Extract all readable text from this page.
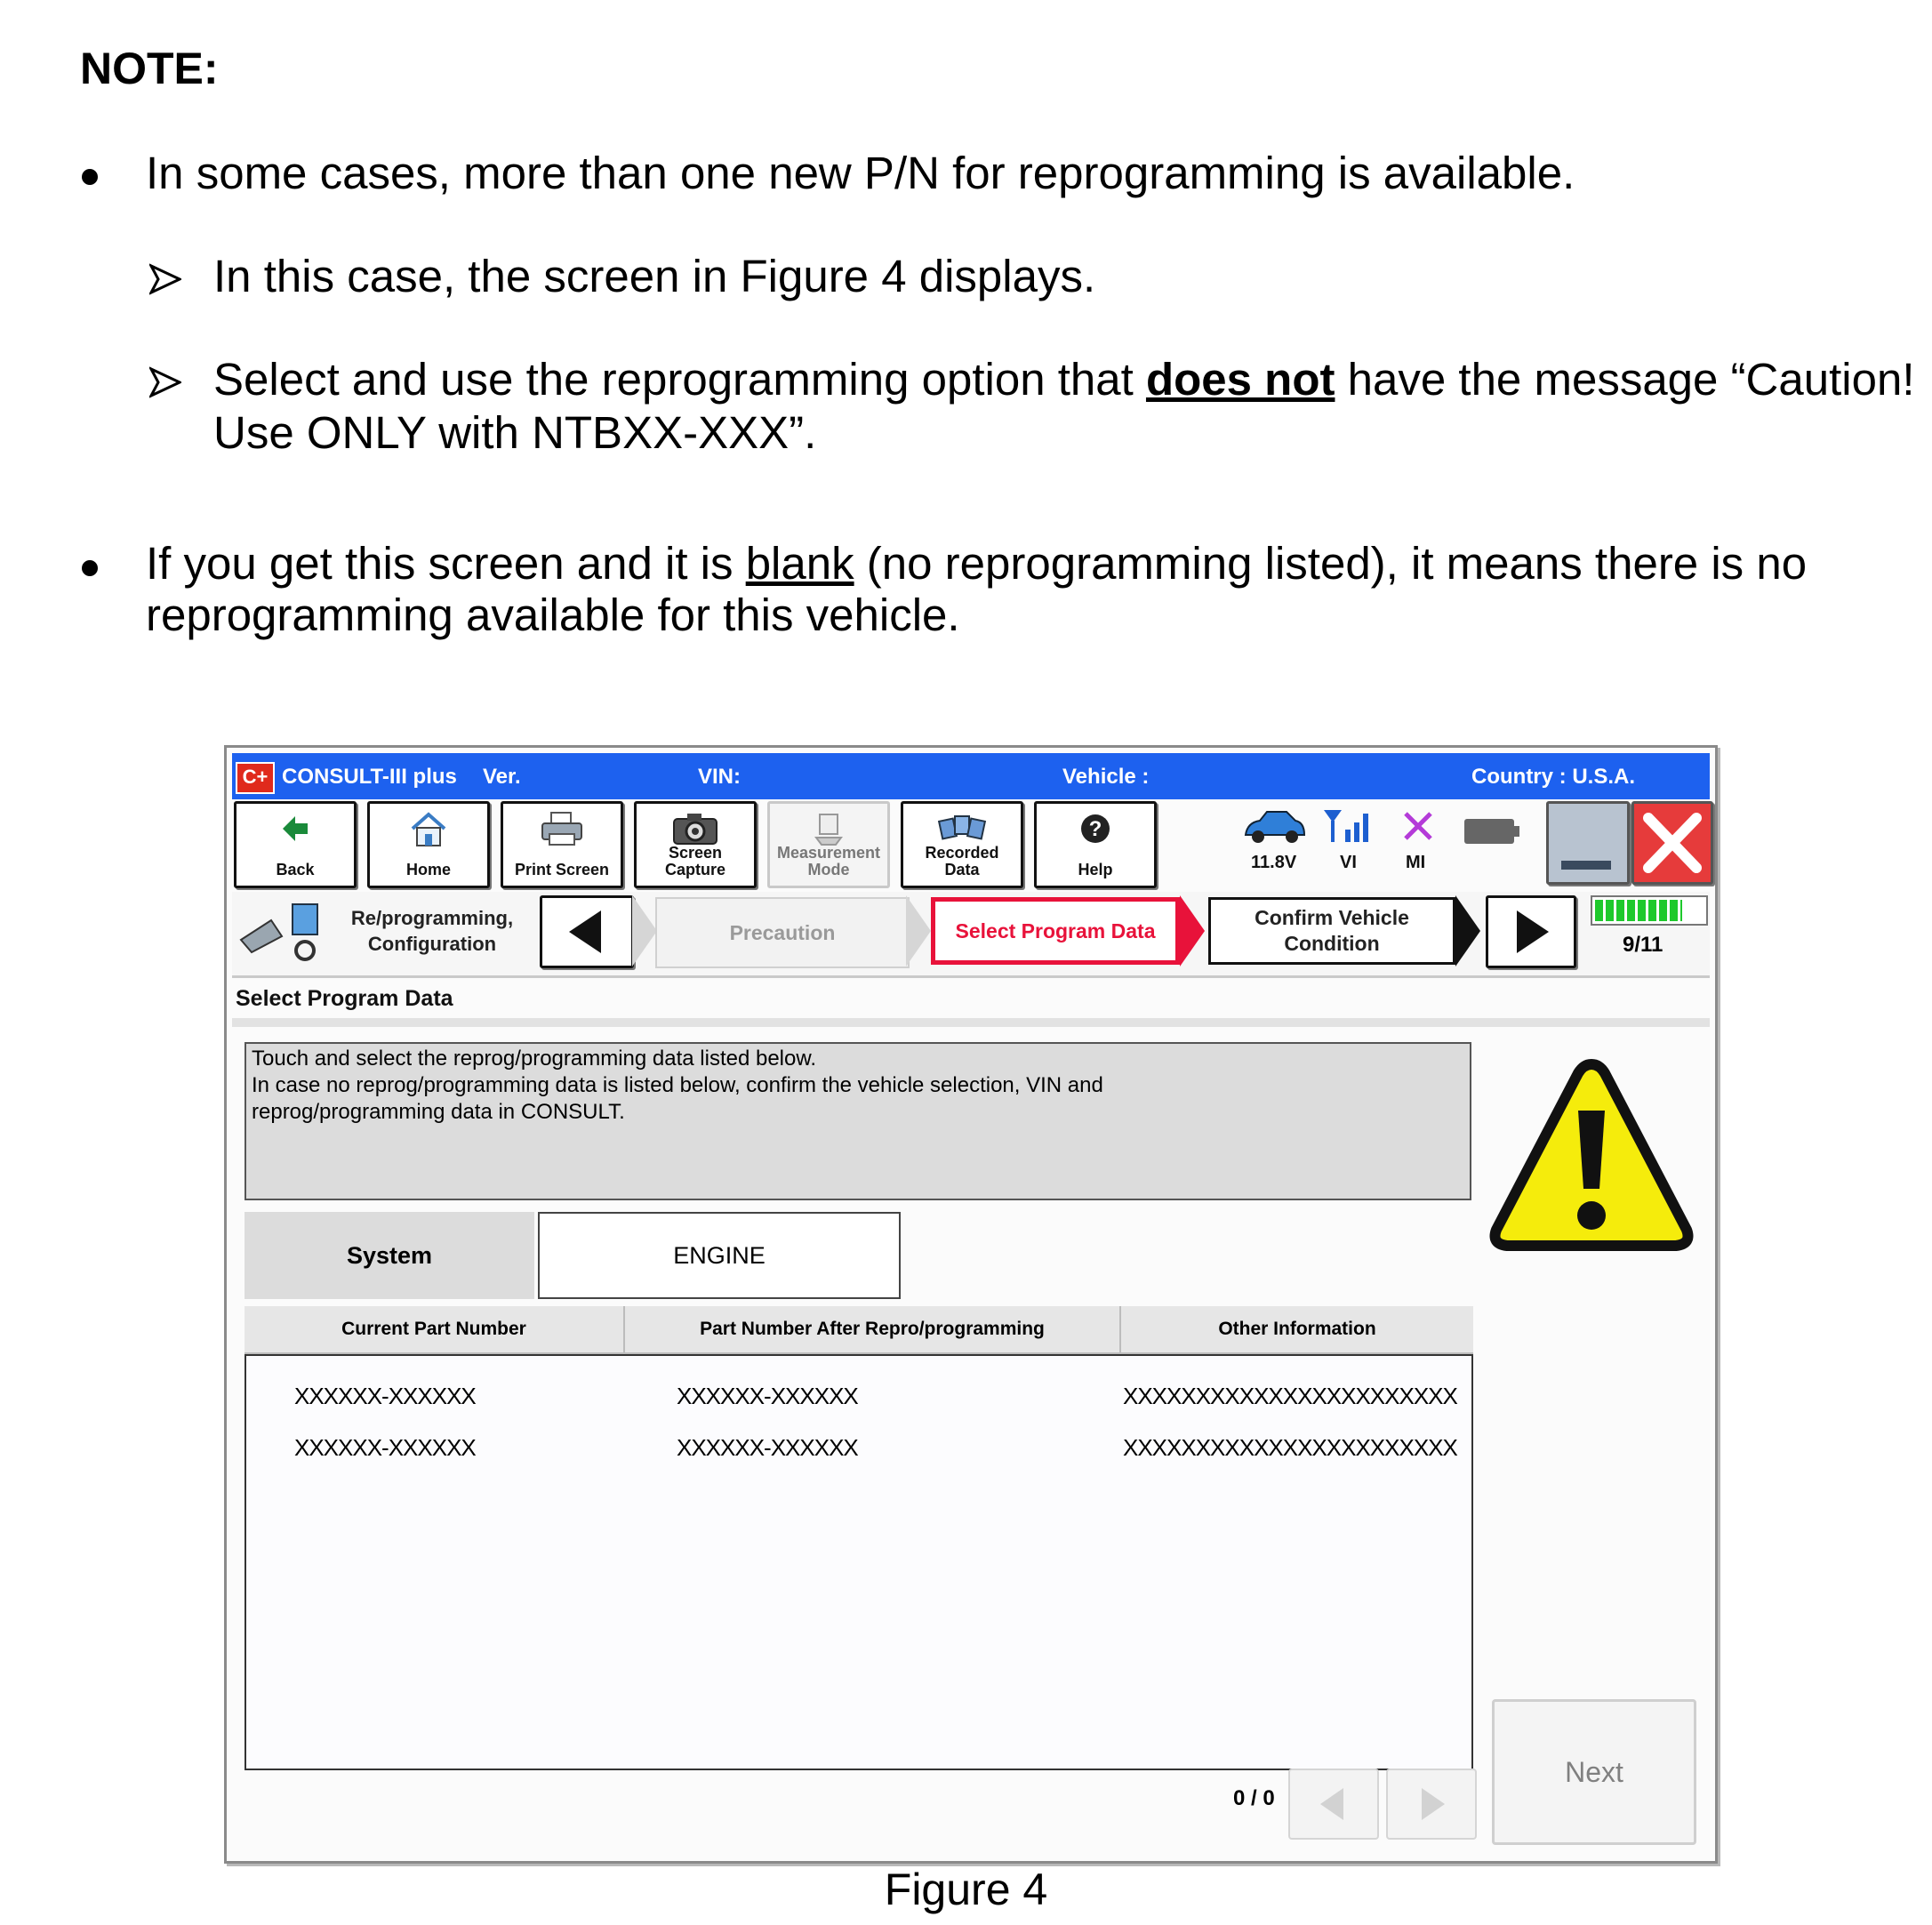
NOTE:
In some cases, more than one new P/N for reprogramming is available.
In this case, the screen in Figure 4 displays.
Select and use the reprogramming option that does not have the message “Caution!
Use ONLY with NTBXX-XXX”.
If you get this screen and it is blank (no reprogramming listed), it means there is no
reprogramming available for this vehicle.
C+ CONSULT-III plus Ver.	VIN:	Vehicle :	Country : U.S.A.
Back	Home	Print Screen
Screen
Capture
Measurement
Mode
Recorded
Data
?
Help	11.8V VI	MI
Re/programming,
Configuration	Precaution	Select Program Data
Confirm Vehicle
Condition	9/11
Select Program Data
Touch and select the reprog/programming data listed below.
In case no reprog/programming data is listed below, confirm the vehicle selection, VIN and
reprog/programming data in CONSULT.
System	ENGINE
Current Part Number	Part Number After Repro/programming	Other Information
XXXXXX-XXXXXX	XXXXXX-XXXXXX	XXXXXXXXXXXXXXXXXXXXXXX
XXXXXX-XXXXXX	XXXXXX-XXXXXX	XXXXXXXXXXXXXXXXXXXXXXX
0 / 0
Next
Figure 4
